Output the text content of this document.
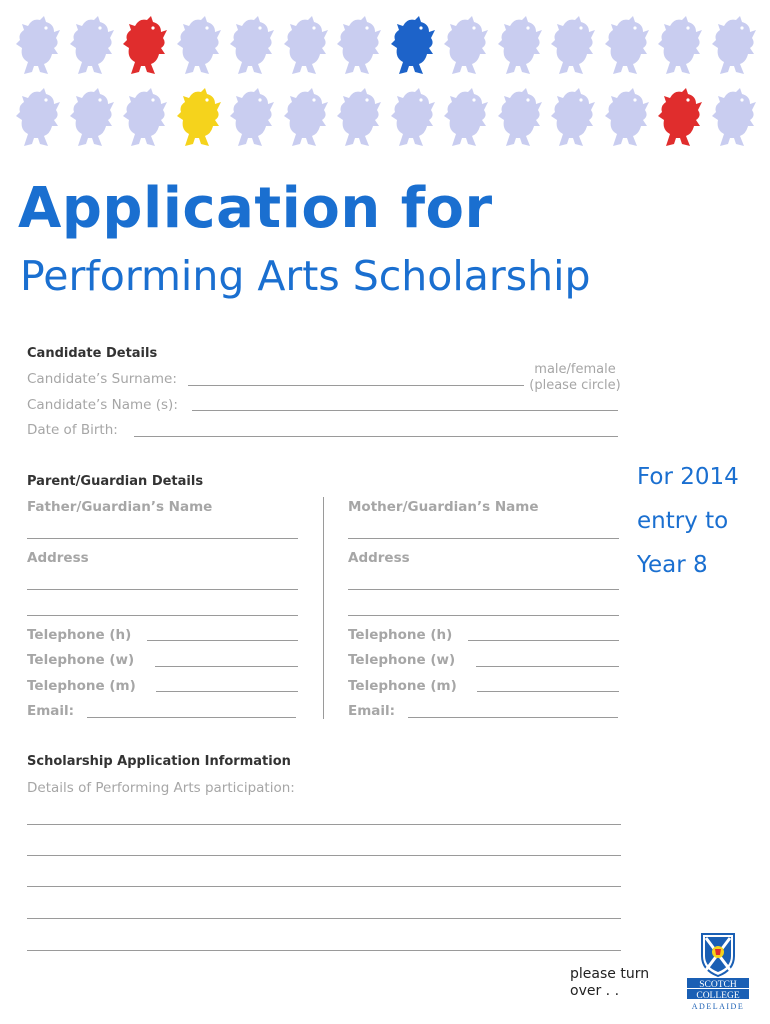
Application for
Performing Arts Scholarship
Candidate Details
Candidate’s Surname:
male/female
(please circle)
Candidate’s Name (s):
Date of Birth:
Parent/Guardian Details
Father/Guardian’s Name
Address
Telephone (h)
Telephone (w)
Telephone (m)
Email:
Mother/Guardian’s Name
Address
Telephone (h)
Telephone (w)
Telephone (m)
Email:
For 2014
entry to
Year 8
Scholarship Application Information
Details of Performing Arts participation:
please turn
over . .	SCOTCH
COLLEGE
ADELAIDE
